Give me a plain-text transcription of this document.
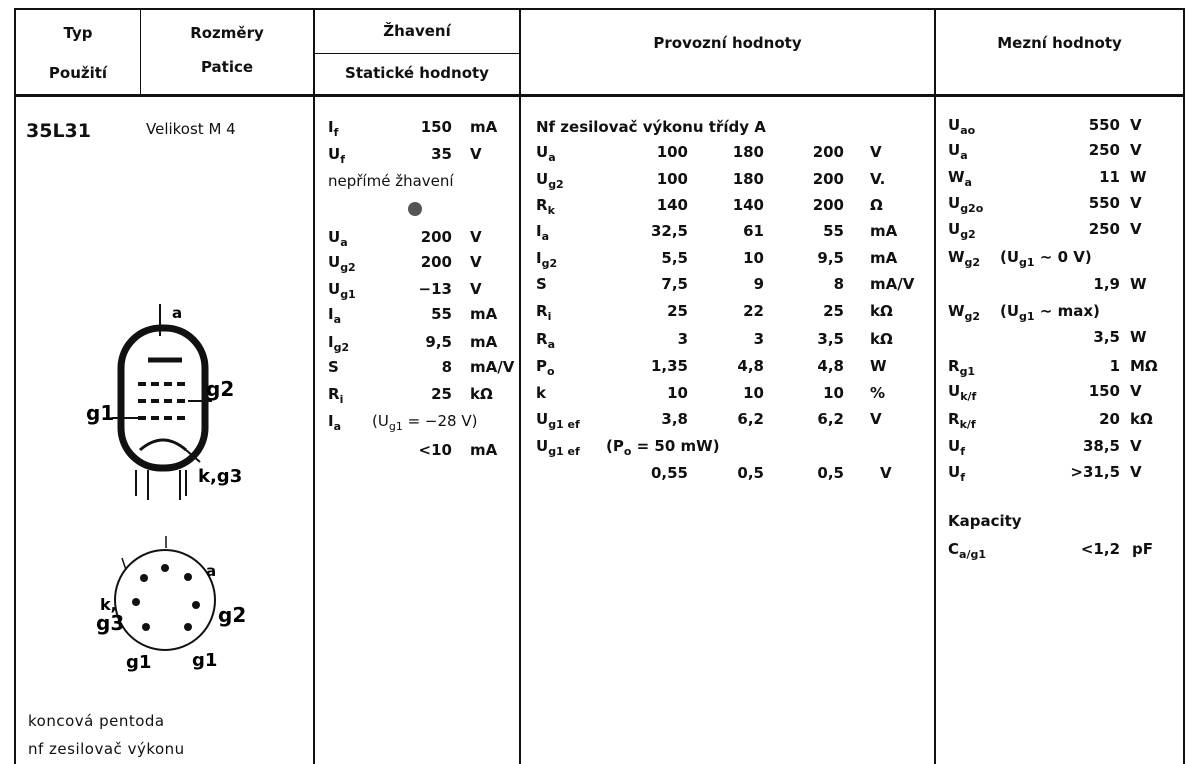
Typ
Použití
Rozměry
Patice
Žhavení
Statické hodnoty
Provozní hodnoty	Mezní hodnoty
35L31	Velikost M 4
koncová pentoda
nf zesilovač výkonu
a
g1
g2
k,g3
a
k,
g3	g2
g1 g1
$I_f$	150 mA
$U_f$	35 V
$U_a$	200 V
$U_{g2}$	200 V
$U_{g1}$	−13 V
$I_a$	55 mA
$I_{g2}$	9,5 mA
S	8 mA/V
$R_i$	25 kΩ
$I_a$ ($U_{g1} = -28$ V)
<10 mA
nepřímé žhavení
Nf zesilovač výkonu třídy A
$U_a$	100	180	200 V
$U_{g2}$	100	180	200 V.
$R_k$	140	140	200 Ω
$I_a$	32,5	61	55 mA
$I_{g2}$	5,5	10	9,5 mA
S	7,5	9	8 mA/V
$R_i$	25	22	25 kΩ
$R_a$	3	3	3,5 kΩ
$P_o$	1,35	4,8	4,8 W
k	10	10	10 %
$U_{g1 ef}$	3,8	6,2	6,2 V
$U_{g1 ef}$ ($P_o = 50$ mW)
0,55	0,5	0,5 V
$U_{ao}$	550 V
$U_a$	250 V
$W_a$	11 W
$U_{g2o}$	550 V
$U_{g2}$	250 V
$W_{g2}$ ($U_{g1}$ ∼ 0 V)
1,9 W
$W_{g2}$ ($U_{g1}$ ∼ max)
3,5 W
$R_{g1}$	1 MΩ
$U_{k/f}$	150 V
$R_{k/f}$	20 kΩ
$U_f$	38,5 V
$U_f$	>31,5 V
$C_{a/g1}$	<1,2 pF
Kapacity
